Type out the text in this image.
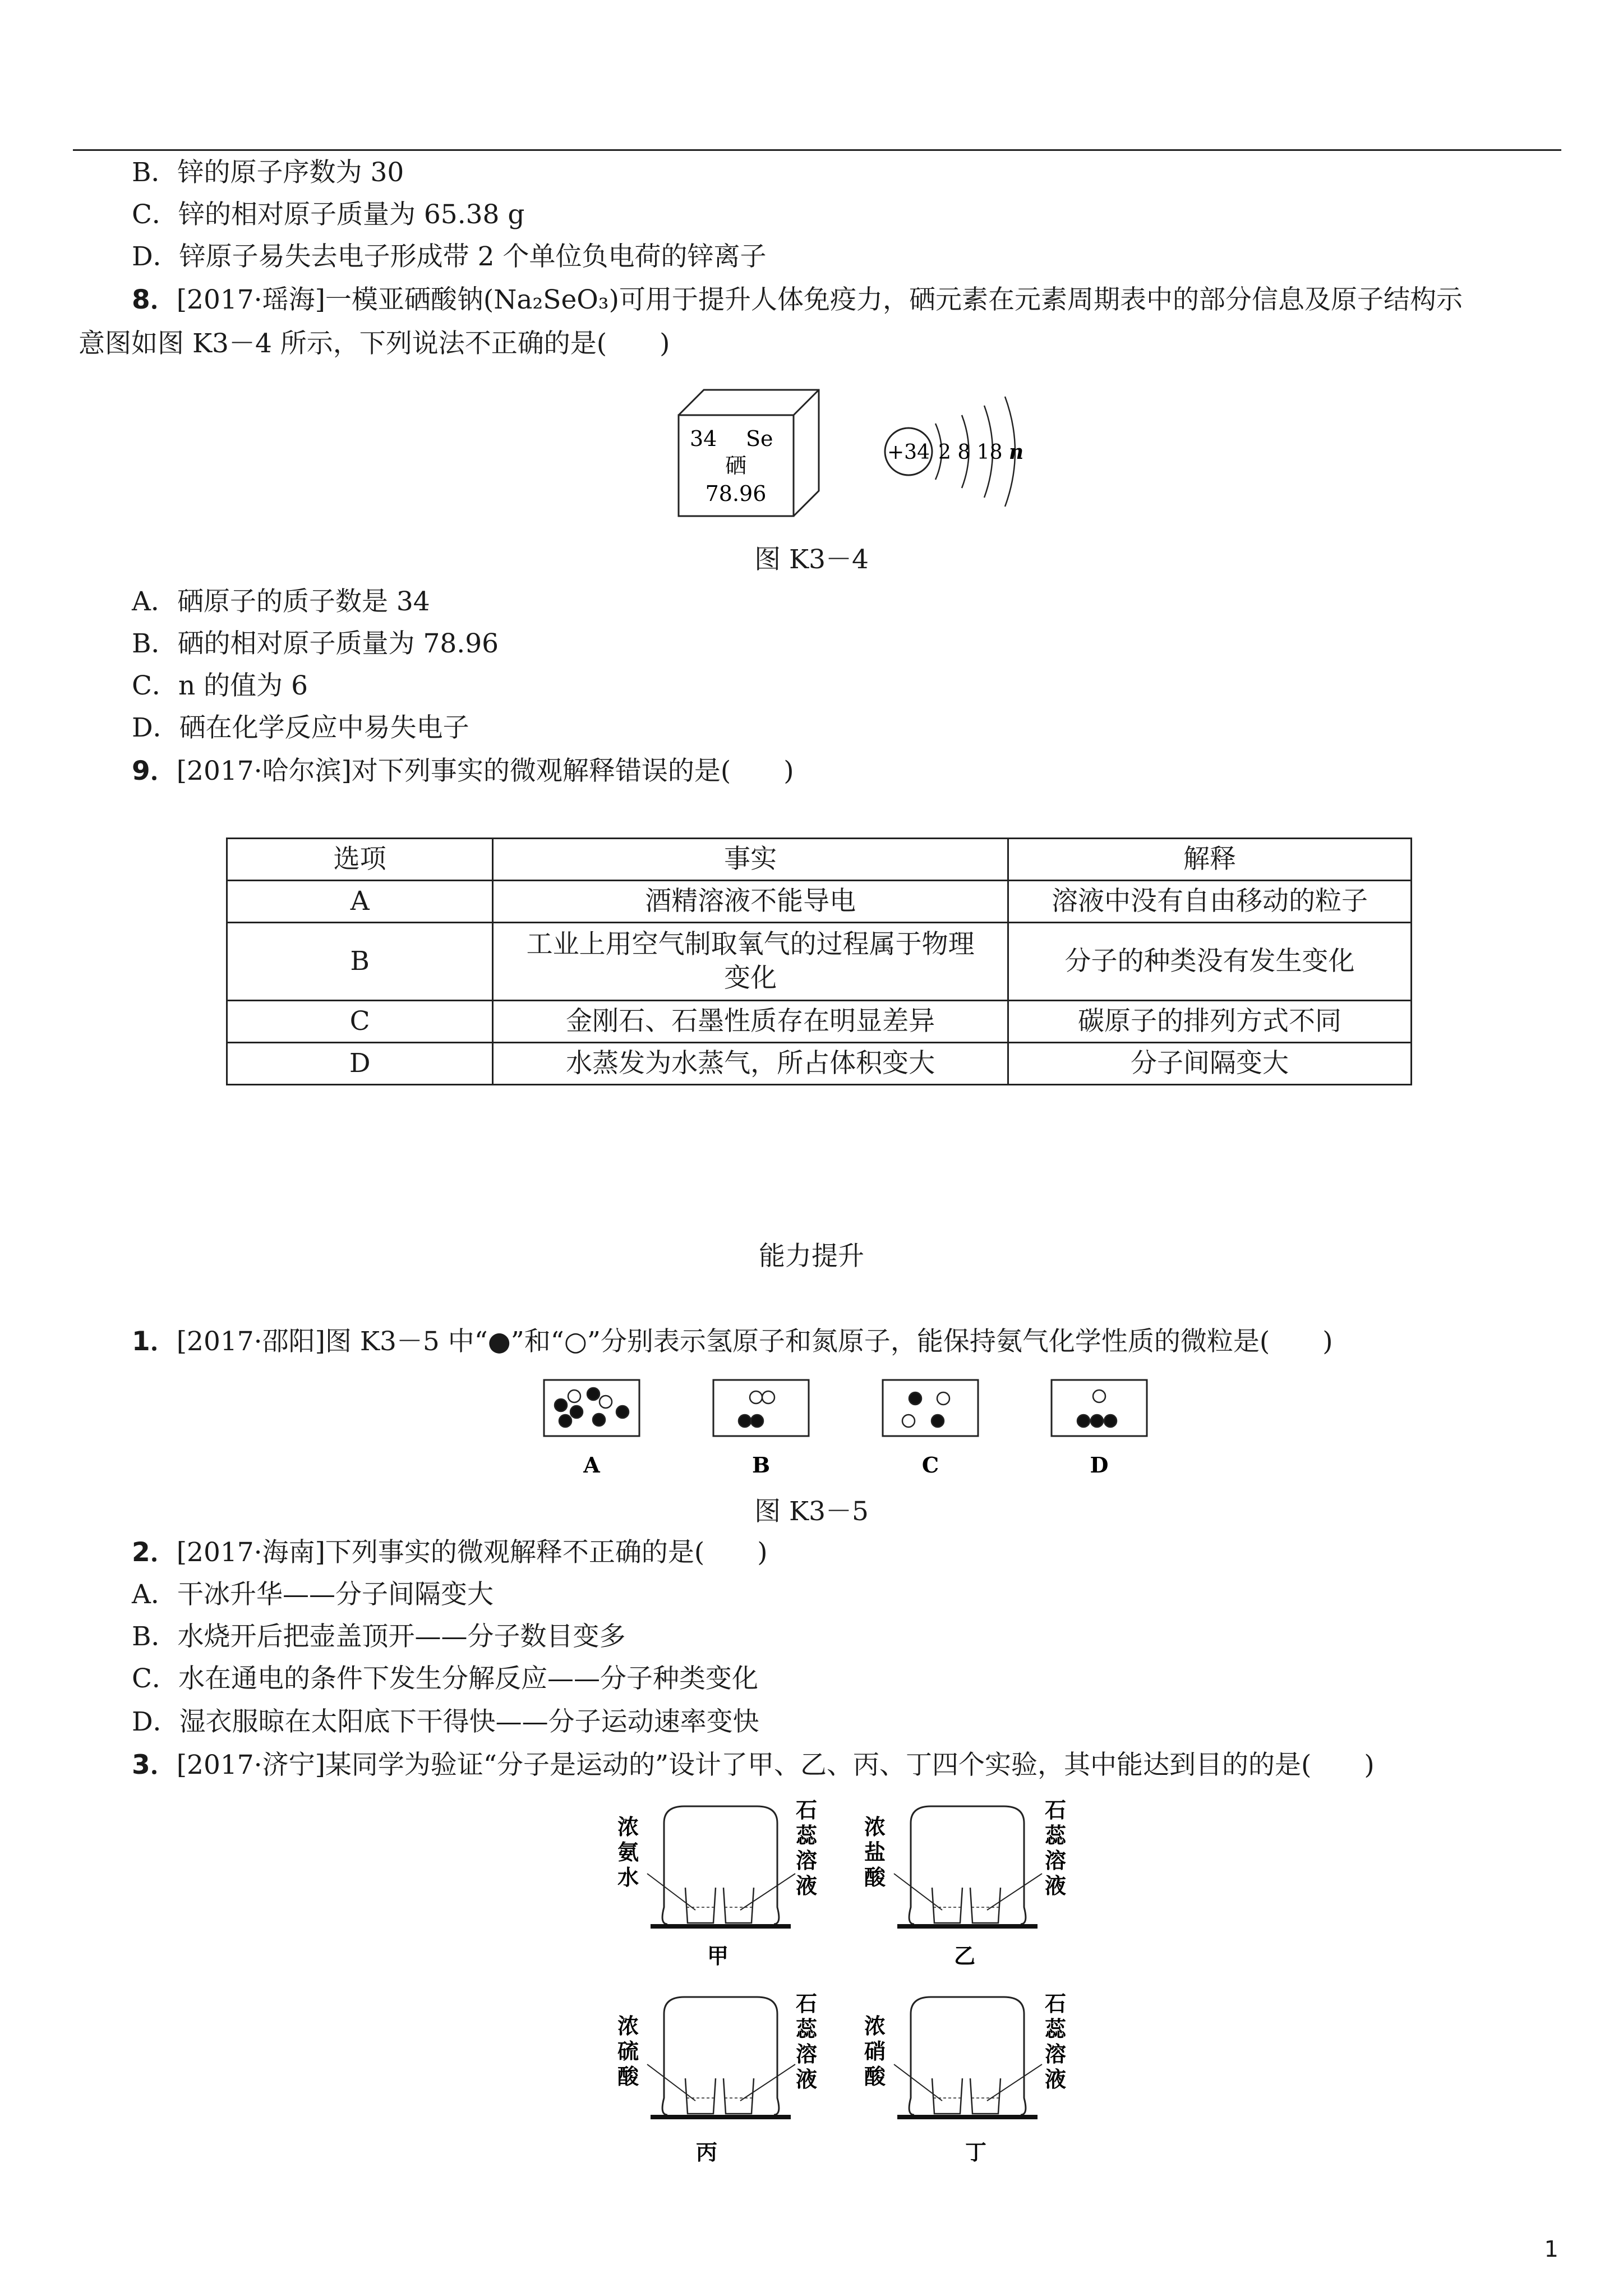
B．锌的原子序数为 30
C．锌的相对原子质量为 65.38 g
D．锌原子易失去电子形成带 2 个单位负电荷的锌离子
8．[2017·瑶海]一模亚硒酸钠(Na₂SeO₃)可用于提升人体免疫力，硒元素在元素周期表中的部分信息及原子结构示
意图如图 K3－4 所示，下列说法不正确的是(　　)
34 Se
硒
78.96
+34 2 8 18 n
图 K3－4
A．硒原子的质子数是 34
B．硒的相对原子质量为 78.96
C．n 的值为 6
D．硒在化学反应中易失电子
9．[2017·哈尔滨]对下列事实的微观解释错误的是(　　)
选项	事实	解释
A	酒精溶液不能导电	溶液中没有自由移动的粒子
B	工业上用空气制取氧气的过程属于物理变化	分子的种类没有发生变化
C	金刚石、石墨性质存在明显差异	碳原子的排列方式不同
D	水蒸发为水蒸气，所占体积变大	分子间隔变大
能力提升
1．[2017·邵阳]图 K3－5 中“●”和“○”分别表示氢原子和氮原子，能保持氨气化学性质的微粒是(　　)
A	B	C	D
图 K3－5
2．[2017·海南]下列事实的微观解释不正确的是(　　)
A．干冰升华——分子间隔变大
B．水烧开后把壶盖顶开——分子数目变多
C．水在通电的条件下发生分解反应——分子种类变化
D．湿衣服晾在太阳底下干得快——分子运动速率变快
3．[2017·济宁]某同学为验证“分子是运动的”设计了甲、乙、丙、丁四个实验，其中能达到目的的是(　　)
浓
氨
水
石
蕊
溶
液
甲
浓
盐
酸
石
蕊
溶
液
乙
浓
硫
酸
石
蕊
溶
液
丙
浓
硝
酸
石
蕊
溶
液
丁
1
